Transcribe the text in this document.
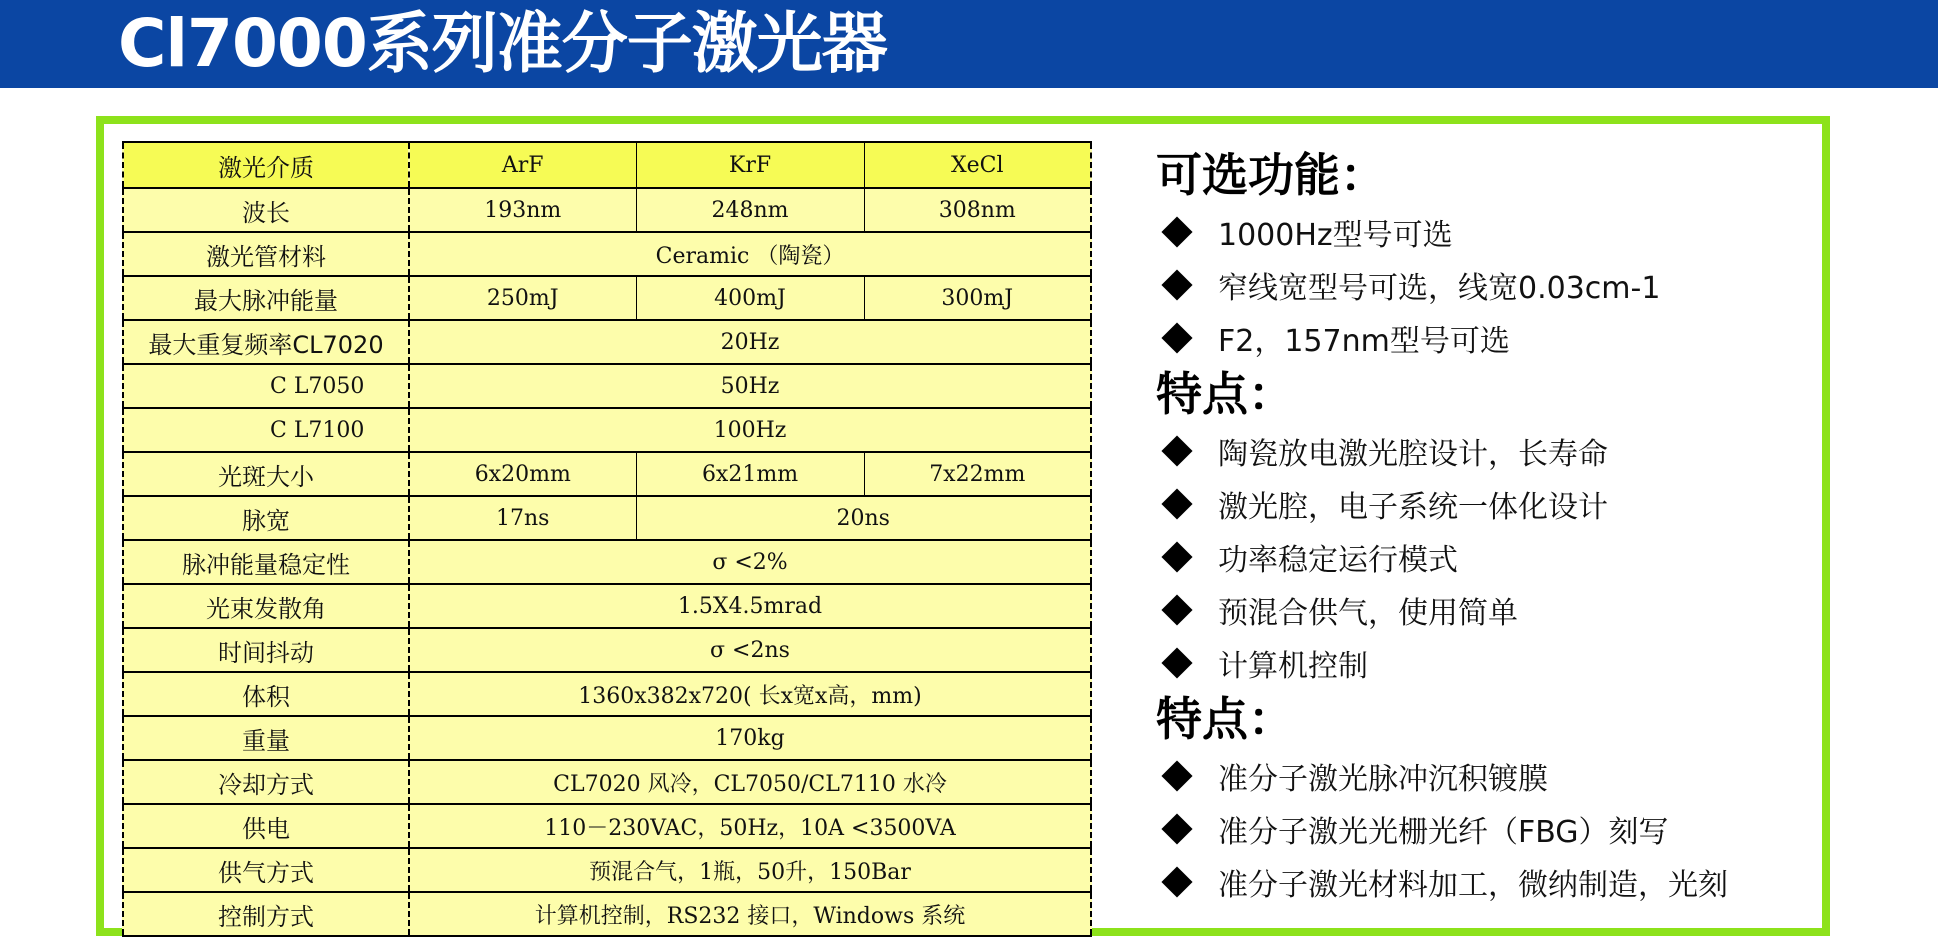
Cl7000系列准分子激光器
激光介质	ArF	KrF	XeCl
波长	193nm	248nm	308nm
激光管材料	Ceramic （陶瓷）		
最大脉冲能量	250mJ	400mJ	300mJ
最大重复频率CL7020	20Hz		
C L7050	50Hz		
C L7100	100Hz		
光斑大小	6x20mm	6x21mm	7x22mm
脉宽	17ns	20ns	
脉冲能量稳定性	σ <2%		
光束发散角	1.5X4.5mrad		
时间抖动	σ <2ns		
体积	1360x382x720( 长x宽x高，mm)		
重量	170kg		
冷却方式	CL7020 风冷，CL7050/CL7110 水冷		
供电	110－230VAC，50Hz，10A <3500VA		
供气方式	预混合气，1瓶，50升，150Bar		
控制方式	计算机控制，RS232 接口，Windows 系统		
可选功能：
1000Hz型号可选
窄线宽型号可选，线宽0.03cm-1
F2，157nm型号可选
特点：
陶瓷放电激光腔设计，长寿命
激光腔，电子系统一体化设计
功率稳定运行模式
预混合供气，使用简单
计算机控制
特点：
准分子激光脉冲沉积镀膜
准分子激光光栅光纤（FBG）刻写
准分子激光材料加工，微纳制造，光刻
